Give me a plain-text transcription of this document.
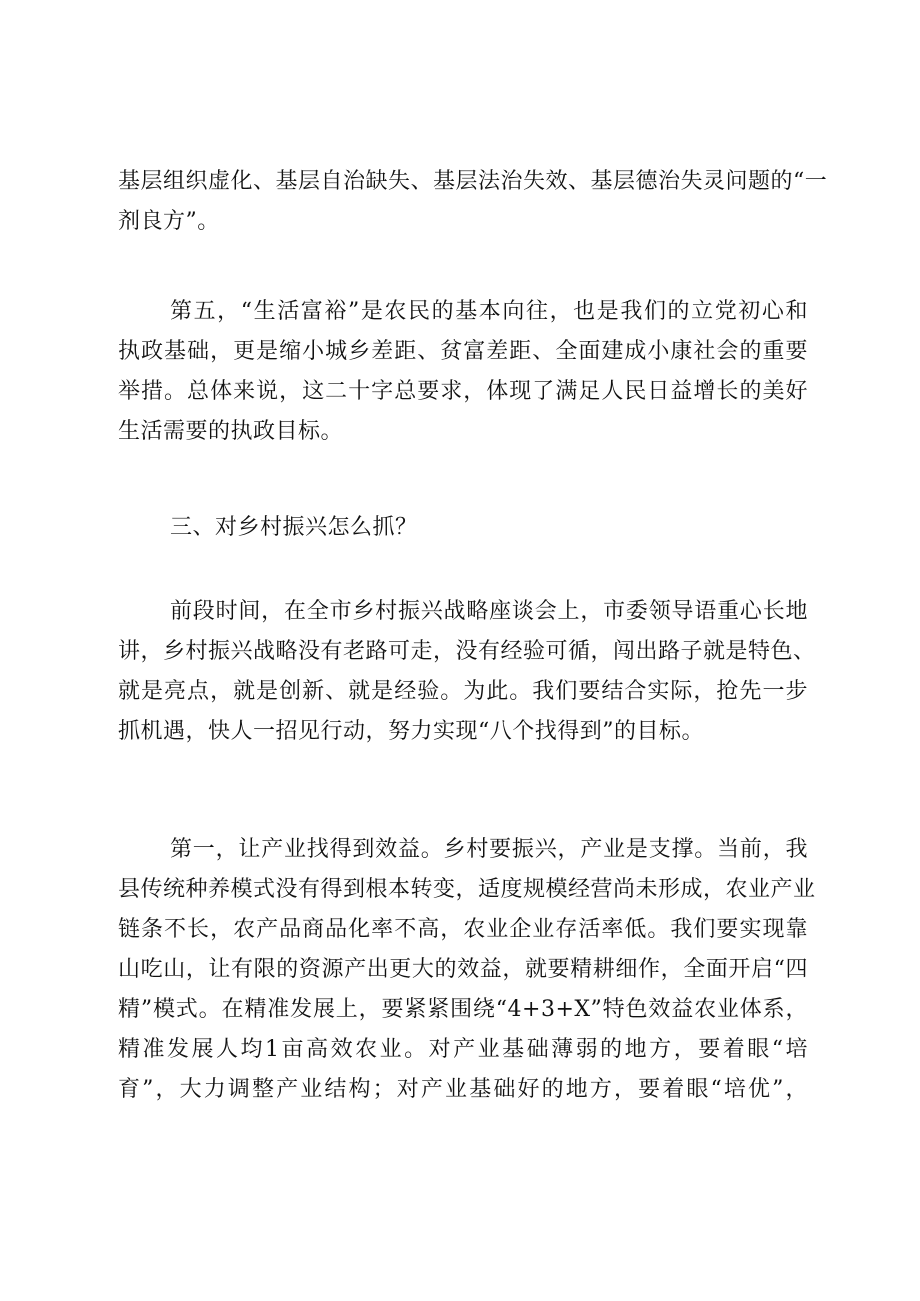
基层组织虚化、基层自治缺失、基层法治失效、基层德治失灵问题的“一
剂良方”。
第五，“生活富裕”是农民的基本向往，也是我们的立党初心和
执政基础，更是缩小城乡差距、贫富差距、全面建成小康社会的重要
举措。总体来说，这二十字总要求，体现了满足人民日益增长的美好
生活需要的执政目标。
三、对乡村振兴怎么抓？
前段时间，在全市乡村振兴战略座谈会上，市委领导语重心长地
讲，乡村振兴战略没有老路可走，没有经验可循，闯出路子就是特色、
就是亮点，就是创新、就是经验。为此。我们要结合实际，抢先一步
抓机遇，快人一招见行动，努力实现“八个找得到”的目标。
第一，让产业找得到效益。乡村要振兴，产业是支撑。当前，我
县传统种养模式没有得到根本转变，适度规模经营尚未形成，农业产业
链条不长，农产品商品化率不高，农业企业存活率低。我们要实现靠
山吃山，让有限的资源产出更大的效益，就要精耕细作，全面开启“四
精”模式。在精准发展上，要紧紧围绕“4+3+X”特色效益农业体系，
精准发展人均1亩高效农业。对产业基础薄弱的地方，要着眼“培
育”，大力调整产业结构；对产业基础好的地方，要着眼“培优”，
